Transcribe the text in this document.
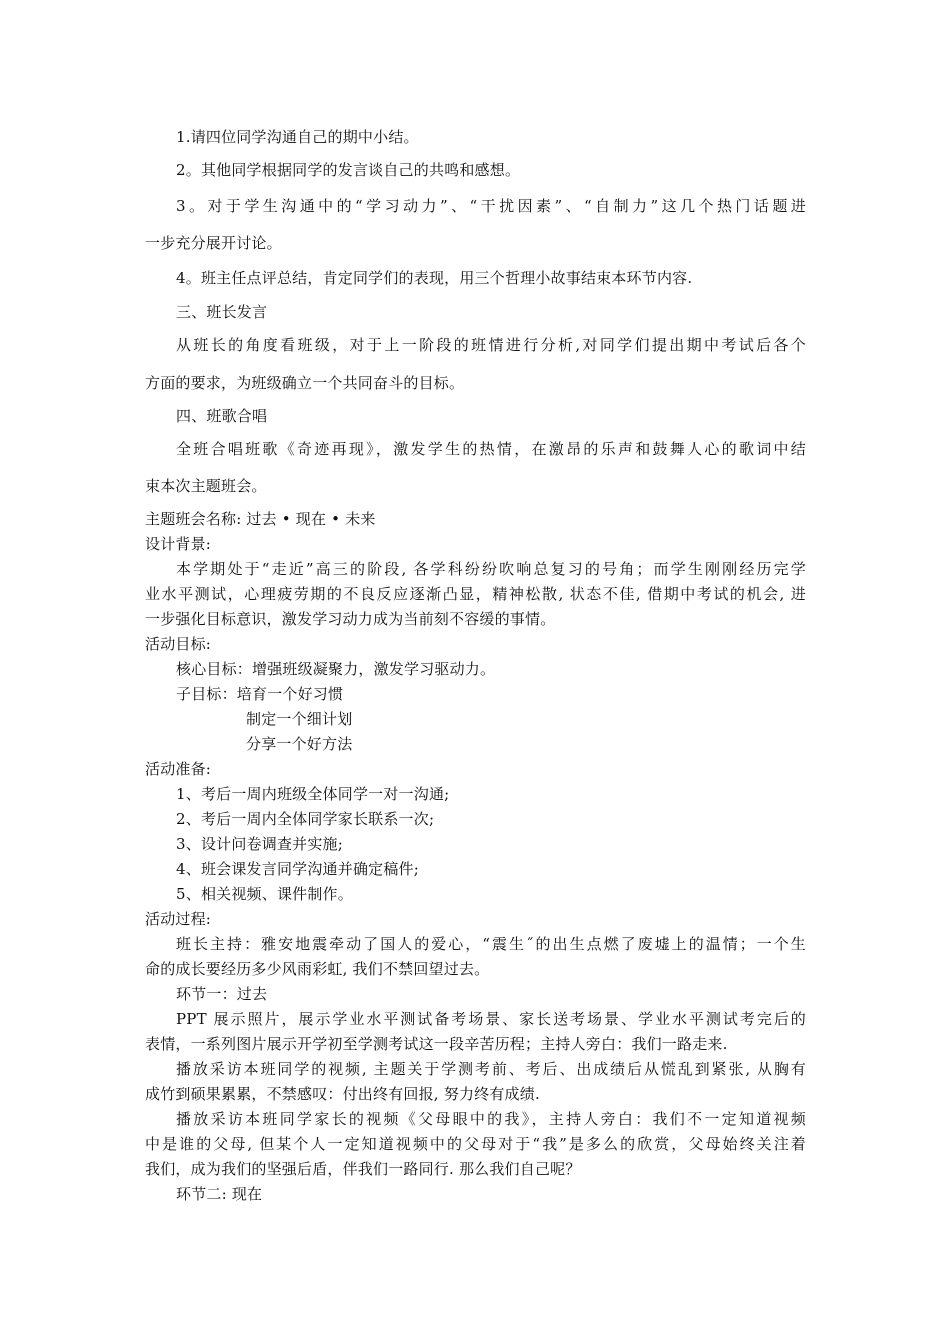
1.请四位同学沟通自己的期中小结。
2。其他同学根据同学的发言谈自己的共鸣和感想。
3。对于学生沟通中的“学习动力”、“干扰因素”、“自制力”这几个热门话题进
一步充分展开讨论。
4。班主任点评总结，肯定同学们的表现，用三个哲理小故事结束本环节内容.
三、班长发言
从班长的角度看班级，对于上一阶段的班情进行分析,对同学们提出期中考试后各个
方面的要求，为班级确立一个共同奋斗的目标。
四、班歌合唱
全班合唱班歌《奇迹再现》，激发学生的热情，在激昂的乐声和鼓舞人心的歌词中结
束本次主题班会。
主题班会名称: 过去 • 现在 • 未来
设计背景:
本学期处于“走近”高三的阶段, 各学科纷纷吹响总复习的号角；而学生刚刚经历完学
业水平测试，心理疲劳期的不良反应逐渐凸显，精神松散, 状态不佳, 借期中考试的机会, 进
一步强化目标意识，激发学习动力成为当前刻不容缓的事情。
活动目标:
核心目标：增强班级凝聚力，激发学习驱动力。
子目标：培育一个好习惯
制定一个细计划
分享一个好方法
活动准备:
1、考后一周内班级全体同学一对一沟通;
2、考后一周内全体同学家长联系一次;
3、设计问卷调查并实施;
4、班会课发言同学沟通并确定稿件;
5、相关视频、课件制作。
活动过程:
班长主持：雅安地震牵动了国人的爱心，“震生˝的出生点燃了废墟上的温情；一个生
命的成长要经历多少风雨彩虹, 我们不禁回望过去。
环节一：过去
PPT 展示照片，展示学业水平测试备考场景、家长送考场景、学业水平测试考完后的
表情，一系列图片展示开学初至学测考试这一段辛苦历程；主持人旁白：我们一路走来.
播放采访本班同学的视频, 主题关于学测考前、考后、出成绩后从慌乱到紧张, 从胸有
成竹到硕果累累，不禁感叹：付出终有回报, 努力终有成绩.
播放采访本班同学家长的视频《父母眼中的我》，主持人旁白：我们不一定知道视频
中是谁的父母, 但某个人一定知道视频中的父母对于“我”是多么的欣赏，父母始终关注着
我们，成为我们的坚强后盾，伴我们一路同行. 那么我们自己呢？
环节二: 现在
